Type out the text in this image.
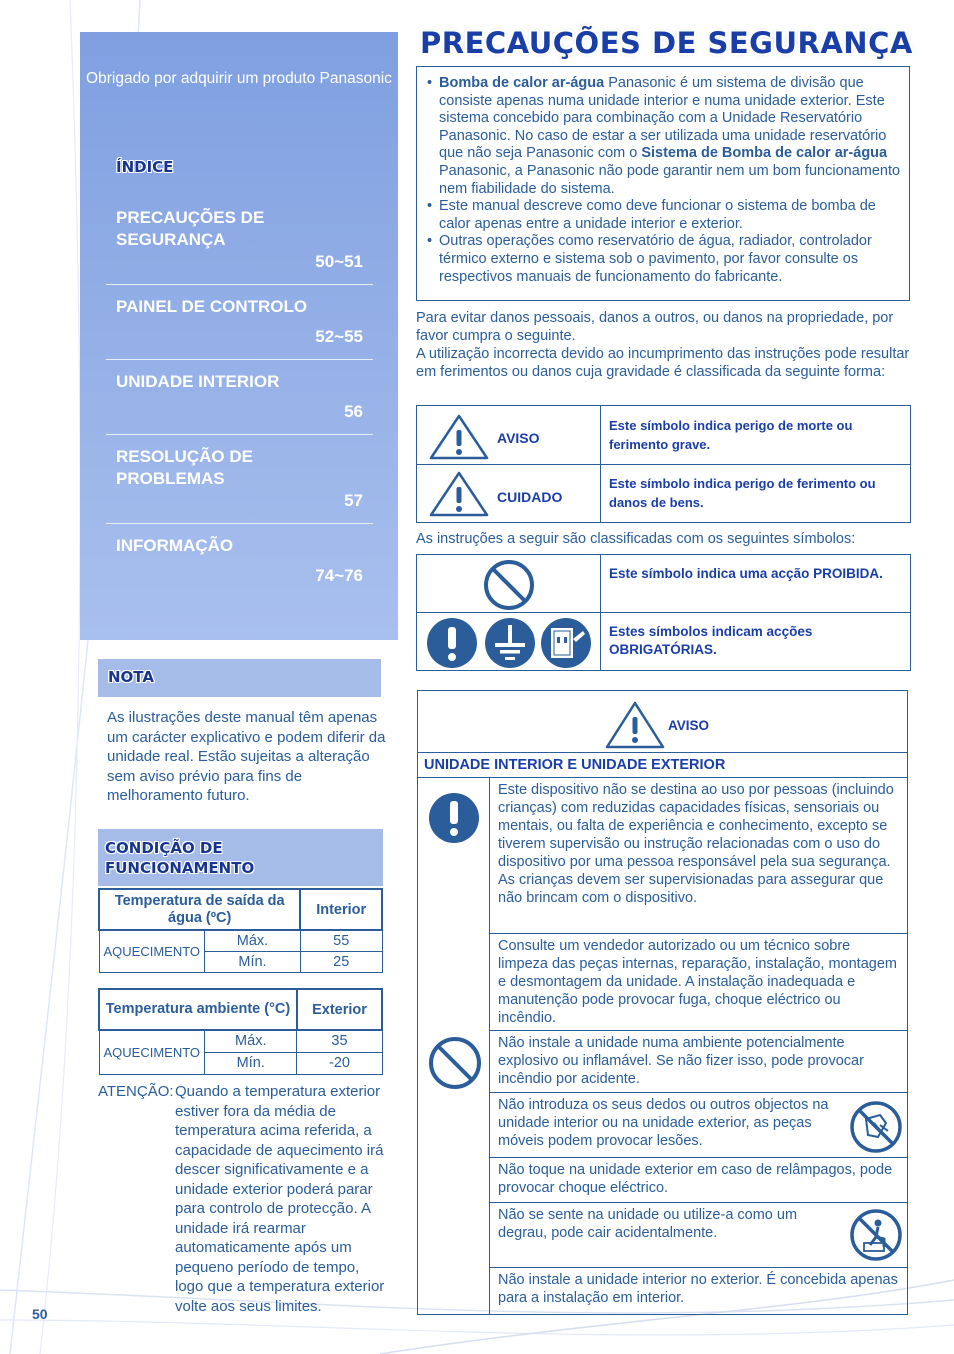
Obrigado por adquirir um produto Panasonic
ÍNDICE
PRECAUÇÕES DE SEGURANÇA
50~51
PAINEL DE CONTROLO
52~55
UNIDADE INTERIOR
56
RESOLUÇÃO DE PROBLEMAS
57
INFORMAÇÃO
74~76
NOTA
As ilustrações deste manual têm apenas um carácter explicativo e podem diferir da unidade real. Estão sujeitas a alteração sem aviso prévio para fins de melhoramento futuro.
CONDIÇÃO DE FUNCIONAMENTO
Temperatura de saída da água (ºC)		Interior
AQUECIMENTO	Máx.	55
	Mín.	25
Temperatura ambiente (°C)		Exterior
AQUECIMENTO	Máx.	35
	Mín.	-20
ATENÇÃO: Quando a temperatura exterior estiver fora da média de temperatura acima referida, a capacidade de aquecimento irá descer significativamente e a unidade exterior poderá parar para controlo de protecção. A unidade irá rearmar automaticamente após um pequeno período de tempo, logo que a temperatura exterior volte aos seus limites.
50
PRECAUÇÕES DE SEGURANÇA
• Bomba de calor ar-água Panasonic é um sistema de divisão que consiste apenas numa unidade interior e numa unidade exterior. Este sistema concebido para combinação com a Unidade Reservatório Panasonic. No caso de estar a ser utilizada uma unidade reservatório que não seja Panasonic com o Sistema de Bomba de calor ar-água Panasonic, a Panasonic não pode garantir nem um bom funcionamento nem fiabilidade do sistema.
• Este manual descreve como deve funcionar o sistema de bomba de calor apenas entre a unidade interior e exterior.
• Outras operações como reservatório de água, radiador, controlador térmico externo e sistema sob o pavimento, por favor consulte os respectivos manuais de funcionamento do fabricante.
Para evitar danos pessoais, danos a outros, ou danos na propriedade, por favor cumpra o seguinte.
A utilização incorrecta devido ao incumprimento das instruções pode resultar em ferimentos ou danos cuja gravidade é classificada da seguinte forma:
AVISO
Este símbolo indica perigo de morte ou ferimento grave.
CUIDADO
Este símbolo indica perigo de ferimento ou danos de bens.
As instruções a seguir são classificadas com os seguintes símbolos:
Este símbolo indica uma acção PROIBIDA.
Estes símbolos indicam acções OBRIGATÓRIAS.
AVISO
UNIDADE INTERIOR E UNIDADE EXTERIOR
Este dispositivo não se destina ao uso por pessoas (incluindo crianças) com reduzidas capacidades físicas, sensoriais ou mentais, ou falta de experiência e conhecimento, excepto se tiverem supervisão ou instrução relacionadas com o uso do dispositivo por uma pessoa responsável pela sua segurança. As crianças devem ser supervisionadas para assegurar que não brincam com o dispositivo.
Consulte um vendedor autorizado ou um técnico sobre limpeza das peças internas, reparação, instalação, montagem e desmontagem da unidade. A instalação inadequada e manutenção pode provocar fuga, choque eléctrico ou incêndio.
Não instale a unidade numa ambiente potencialmente explosivo ou inflamável. Se não fizer isso, pode provocar incêndio por acidente.
Não introduza os seus dedos ou outros objectos na unidade interior ou na unidade exterior, as peças móveis podem provocar lesões.
Não toque na unidade exterior em caso de relâmpagos, pode provocar choque eléctrico.
Não se sente na unidade ou utilize-a como um degrau, pode cair acidentalmente.
Não instale a unidade interior no exterior. É concebida apenas para a instalação em interior.
